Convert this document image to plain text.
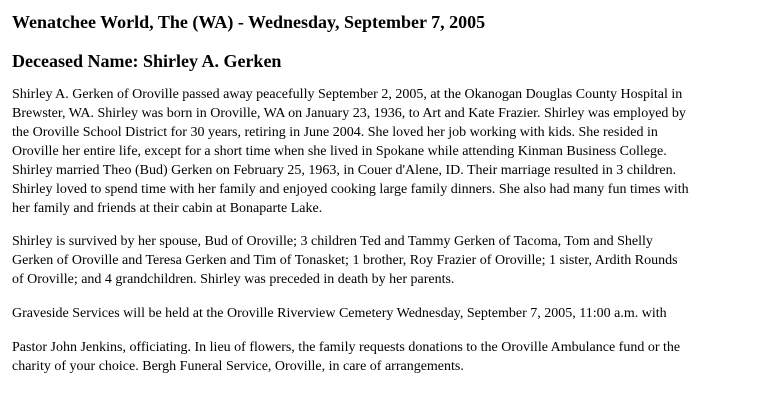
Wenatchee World, The (WA) - Wednesday, September 7, 2005
Deceased Name: Shirley A. Gerken

Shirley A. Gerken of Oroville passed away peacefully September 2, 2005, at the Okanogan Douglas County Hospital in
Brewster, WA. Shirley was born in Oroville, WA on January 23, 1936, to Art and Kate Frazier. Shirley was employed by
the Oroville School District for 30 years, retiring in June 2004. She loved her job working with kids. She resided in
Oroville her entire life, except for a short time when she lived in Spokane while attending Kinman Business College.
Shirley married Theo (Bud) Gerken on February 25, 1963, in Couer d'Alene, ID. Their marriage resulted in 3 children.
Shirley loved to spend time with her family and enjoyed cooking large family dinners. She also had many fun times with
her family and friends at their cabin at Bonaparte Lake.

Shirley is survived by her spouse, Bud of Oroville; 3 children Ted and Tammy Gerken of Tacoma, Tom and Shelly
Gerken of Oroville and Teresa Gerken and Tim of Tonasket; 1 brother, Roy Frazier of Oroville; 1 sister, Ardith Rounds
of Oroville; and 4 grandchildren. Shirley was preceded in death by her parents.

Graveside Services will be held at the Oroville Riverview Cemetery Wednesday, September 7, 2005, 11:00 a.m. with

Pastor John Jenkins, officiating. In lieu of flowers, the family requests donations to the Oroville Ambulance fund or the
charity of your choice. Bergh Funeral Service, Oroville, in care of arrangements.
